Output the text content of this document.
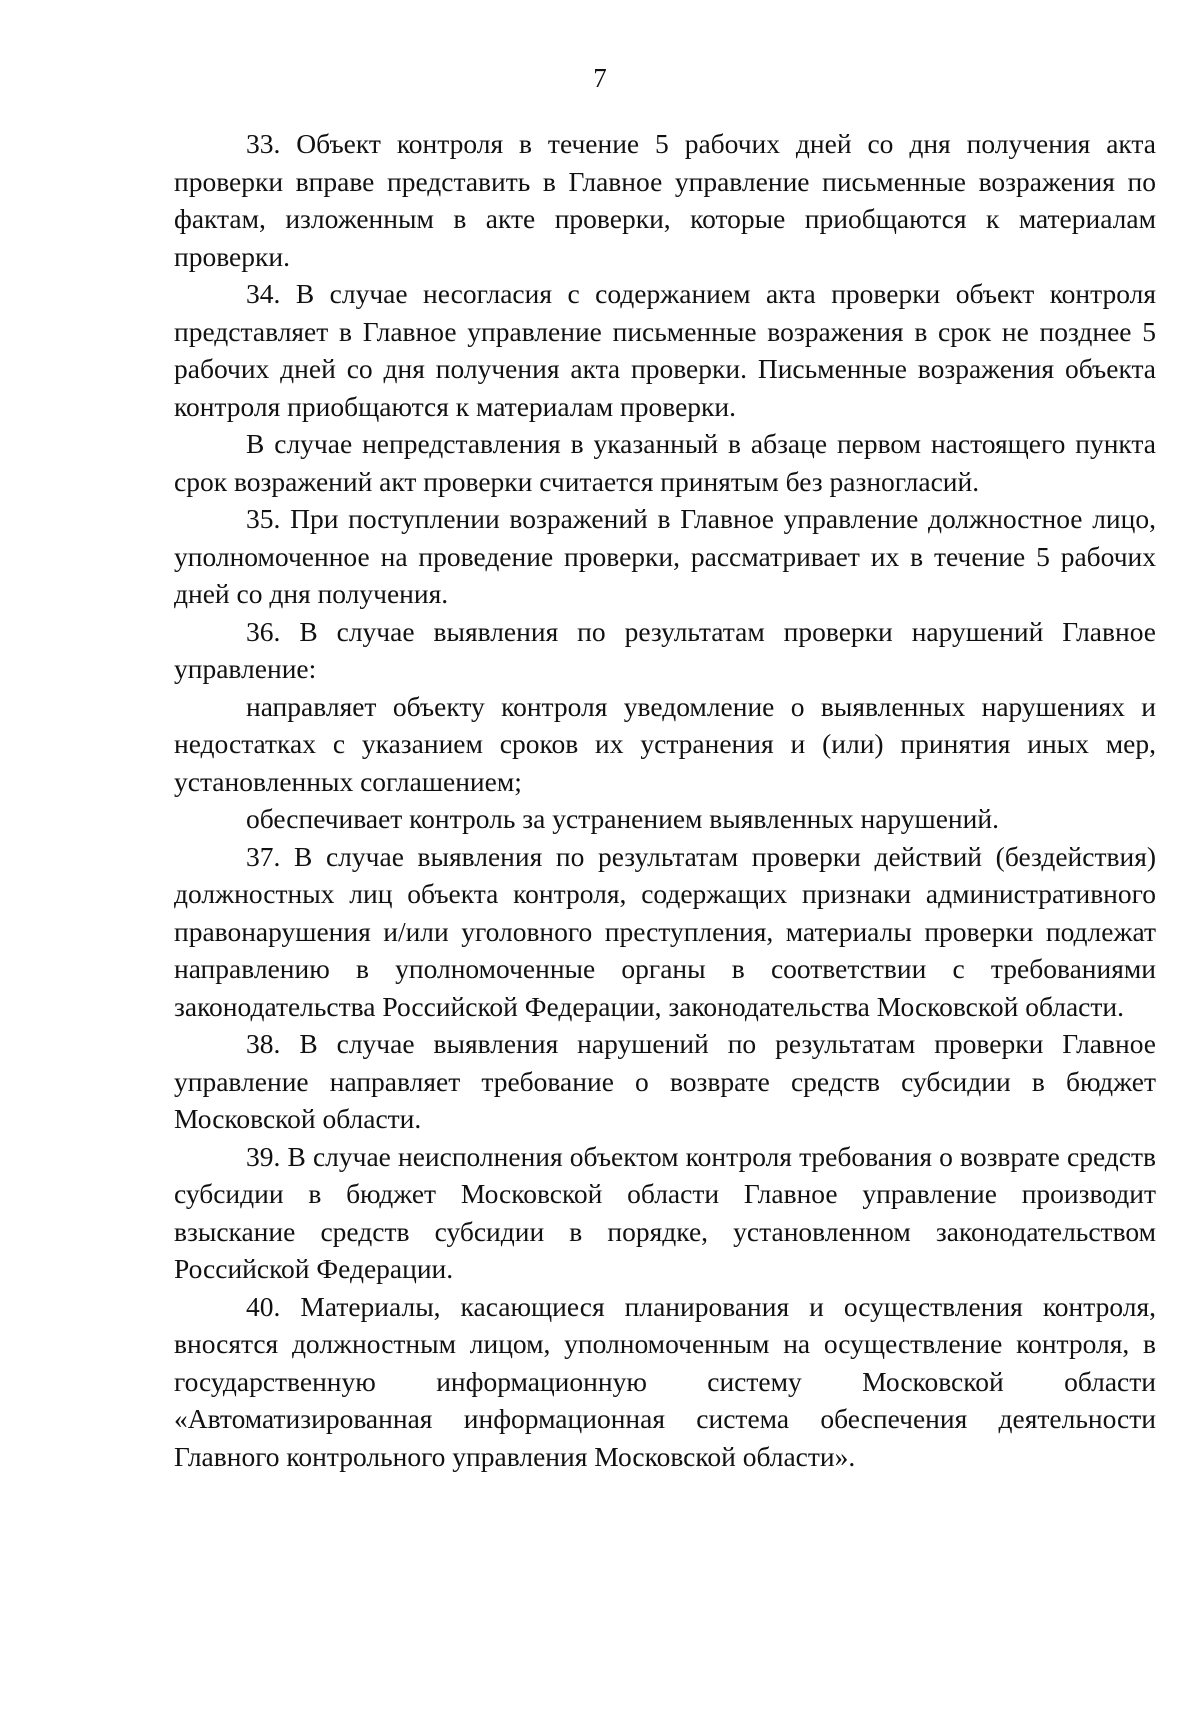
7

33. Объект контроля в течение 5 рабочих дней со дня получения акта проверки вправе представить в Главное управление письменные возражения по фактам, изложенным в акте проверки, которые приобщаются к материалам проверки.

34. В случае несогласия с содержанием акта проверки объект контроля представляет в Главное управление письменные возражения в срок не позднее 5 рабочих дней со дня получения акта проверки. Письменные возражения объекта контроля приобщаются к материалам проверки.

В случае непредставления в указанный в абзаце первом настоящего пункта срок возражений акт проверки считается принятым без разногласий.

35. При поступлении возражений в Главное управление должностное лицо, уполномоченное на проведение проверки, рассматривает их в течение 5 рабочих дней со дня получения.

36. В случае выявления по результатам проверки нарушений Главное управление:

направляет объекту контроля уведомление о выявленных нарушениях и недостатках с указанием сроков их устранения и (или) принятия иных мер, установленных соглашением;

обеспечивает контроль за устранением выявленных нарушений.

37. В случае выявления по результатам проверки действий (бездействия) должностных лиц объекта контроля, содержащих признаки административного правонарушения и/или уголовного преступления, материалы проверки подлежат направлению в уполномоченные органы в соответствии с требованиями законодательства Российской Федерации, законодательства Московской области.

38. В случае выявления нарушений по результатам проверки Главное управление направляет требование о возврате средств субсидии в бюджет Московской области.

39. В случае неисполнения объектом контроля требования о возврате средств субсидии в бюджет Московской области Главное управление производит взыскание средств субсидии в порядке, установленном законодательством Российской Федерации.

40. Материалы, касающиеся планирования и осуществления контроля, вносятся должностным лицом, уполномоченным на осуществление контроля, в государственную информационную систему Московской области «Автоматизированная информационная система обеспечения деятельности Главного контрольного управления Московской области».
